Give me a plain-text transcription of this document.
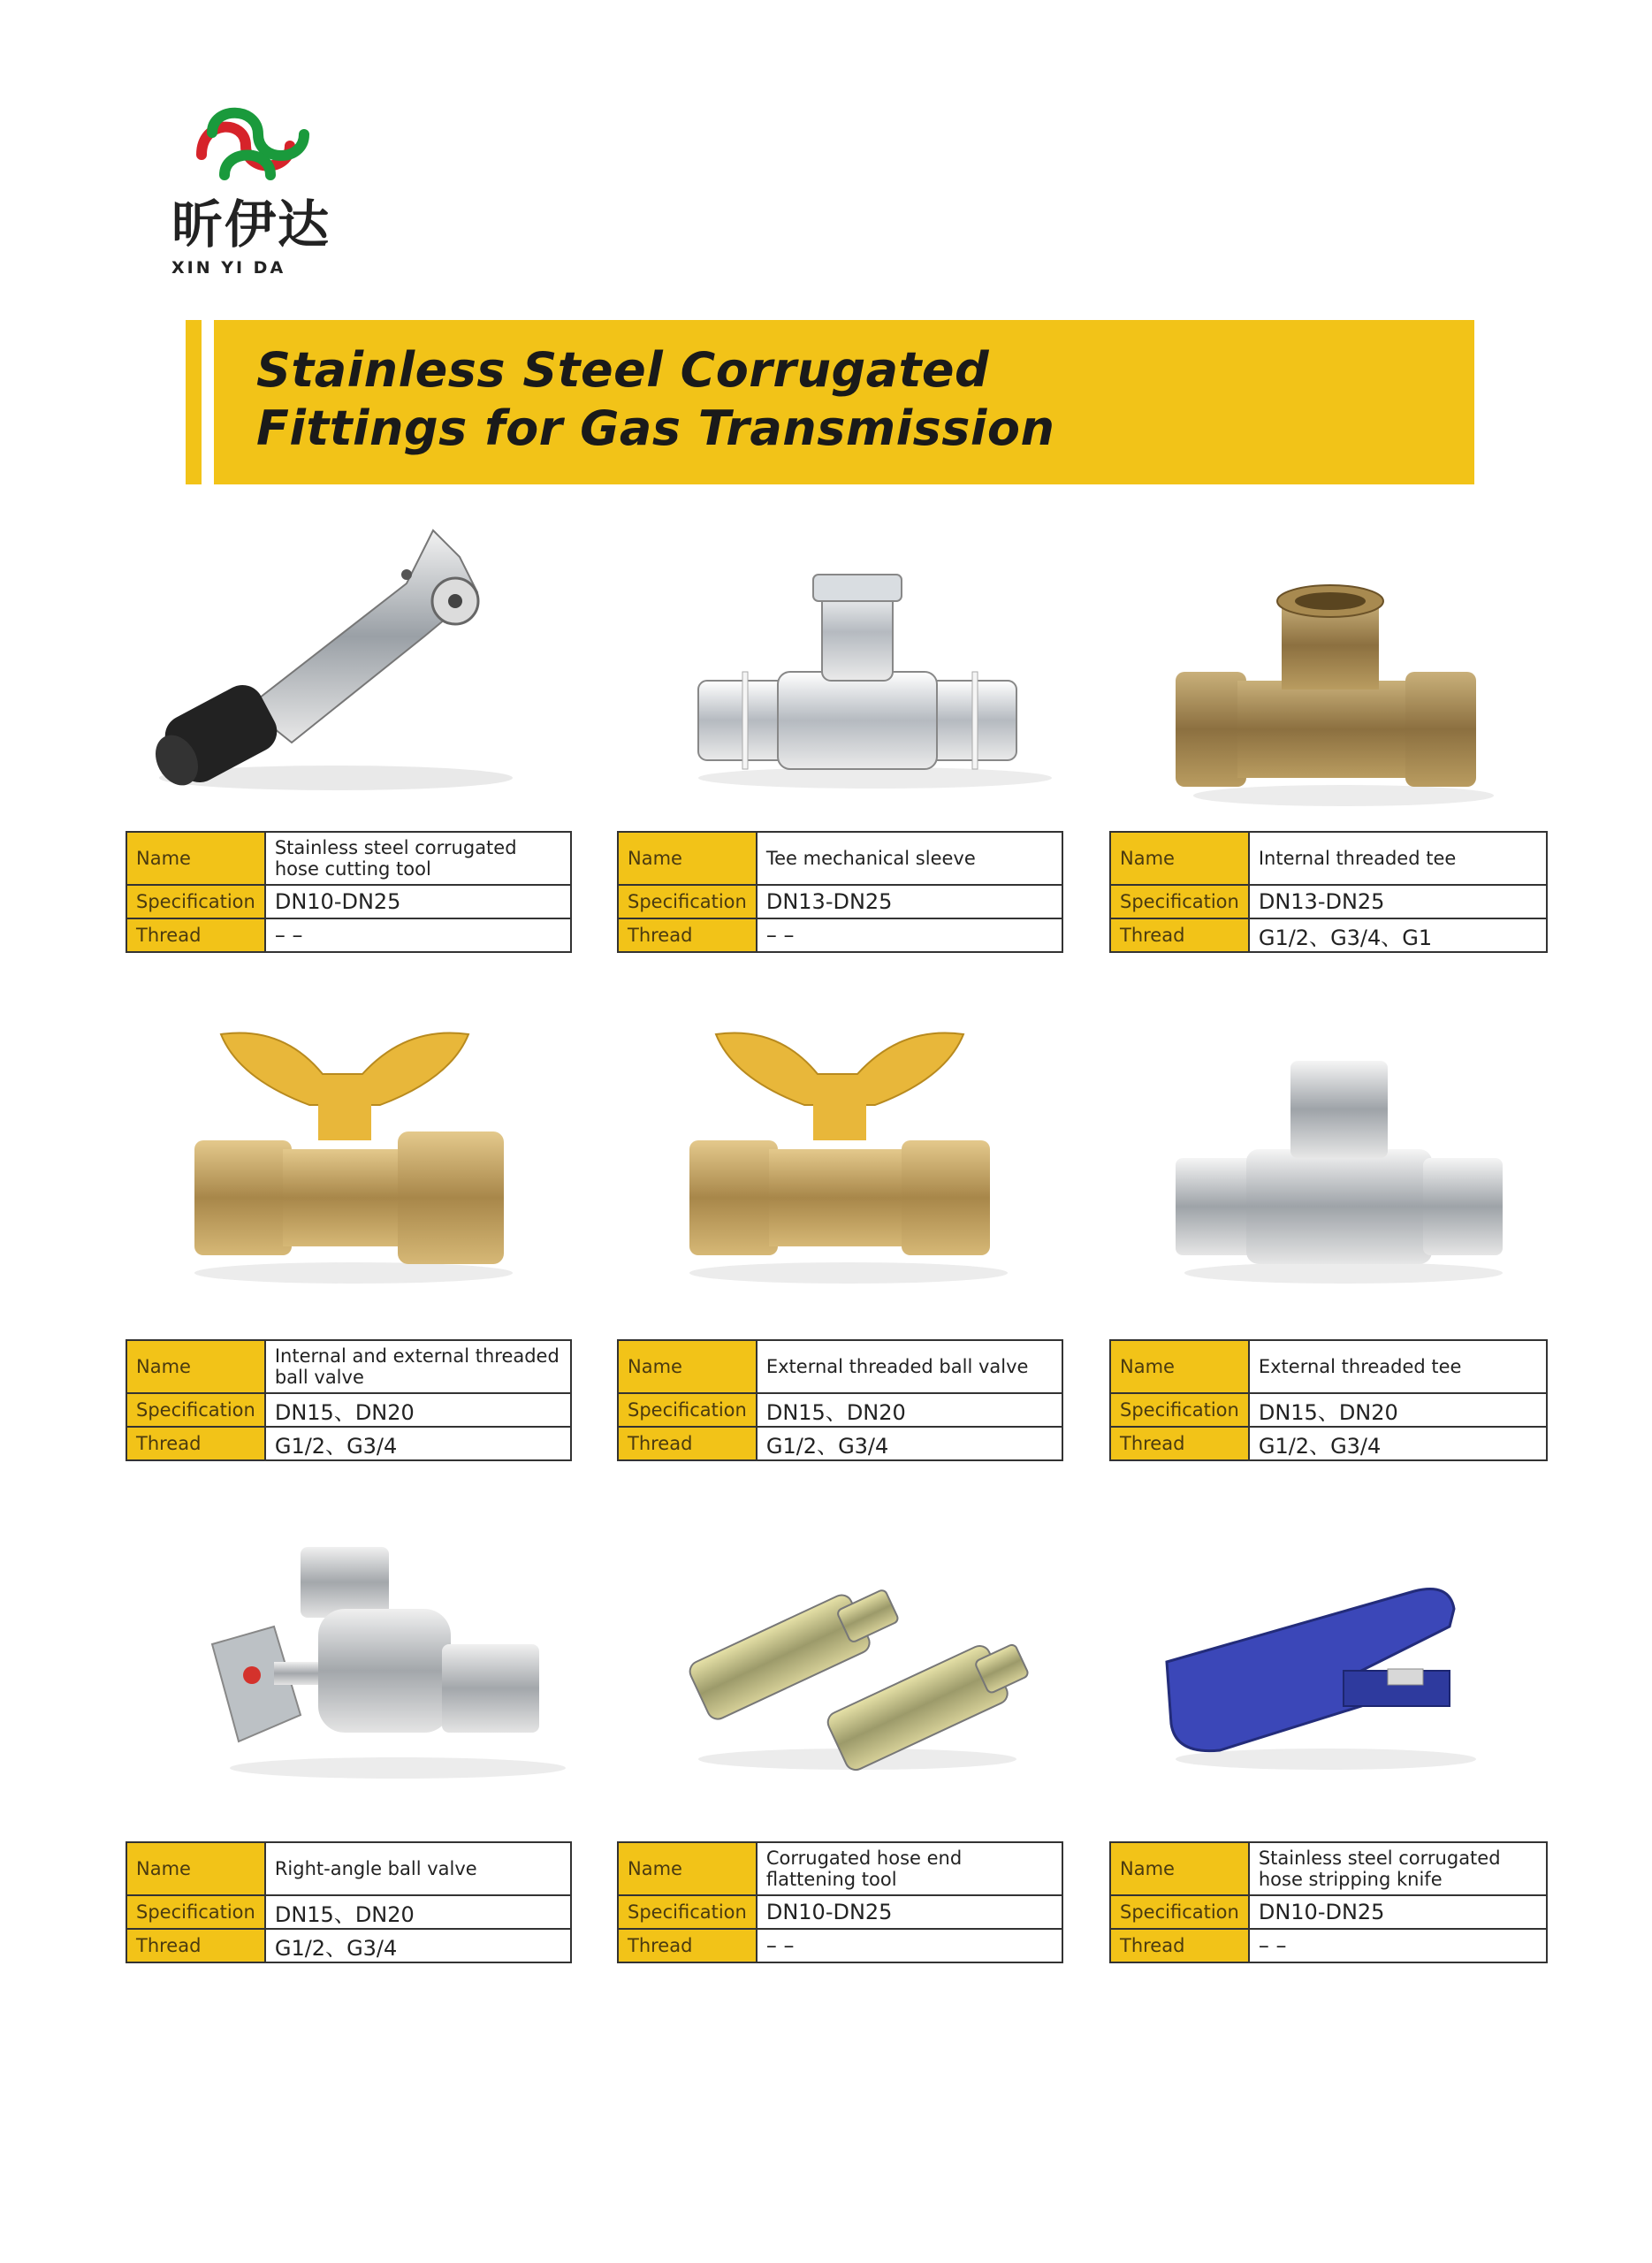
昕伊达
XIN YI DA
Stainless Steel Corrugated
Fittings for Gas Transmission
Name	Stainless steel corrugated hose cutting tool
Specification	DN10-DN25
Thread	– –
Name	Tee mechanical sleeve
Specification	DN13-DN25
Thread	– –
Name	Internal threaded tee
Specification	DN13-DN25
Thread	G1/2、G3/4、G1
Name	Internal and external threaded ball valve
Specification	DN15、DN20
Thread	G1/2、G3/4
Name	External threaded ball valve
Specification	DN15、DN20
Thread	G1/2、G3/4
Name	External threaded tee
Specification	DN15、DN20
Thread	G1/2、G3/4
Name	Right-angle ball valve
Specification	DN15、DN20
Thread	G1/2、G3/4
Name	Corrugated hose end flattening tool
Specification	DN10-DN25
Thread	– –
Name	Stainless steel corrugated hose stripping knife
Specification	DN10-DN25
Thread	– –
